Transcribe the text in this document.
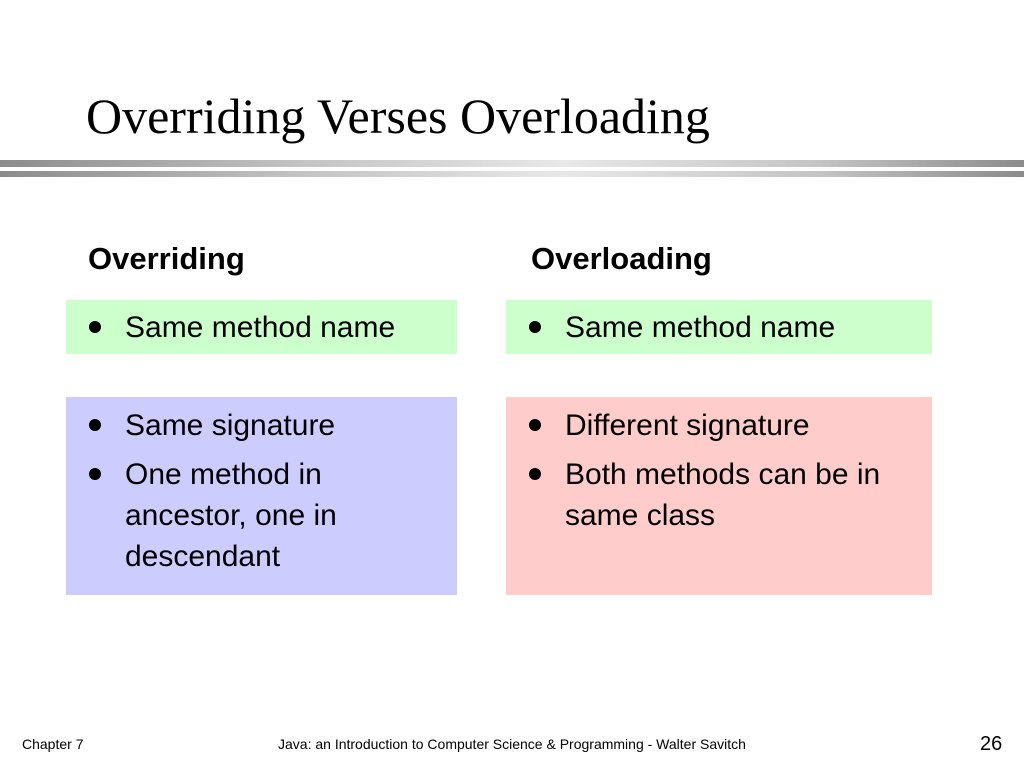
Overriding Verses Overloading
Overriding	Overloading
Same method name
Same signature
One method in ancestor, one in descendant
Same method name
Different signature
Both methods can be in same class
Chapter 7	Java: an Introduction to Computer Science & Programming - Walter Savitch	26
